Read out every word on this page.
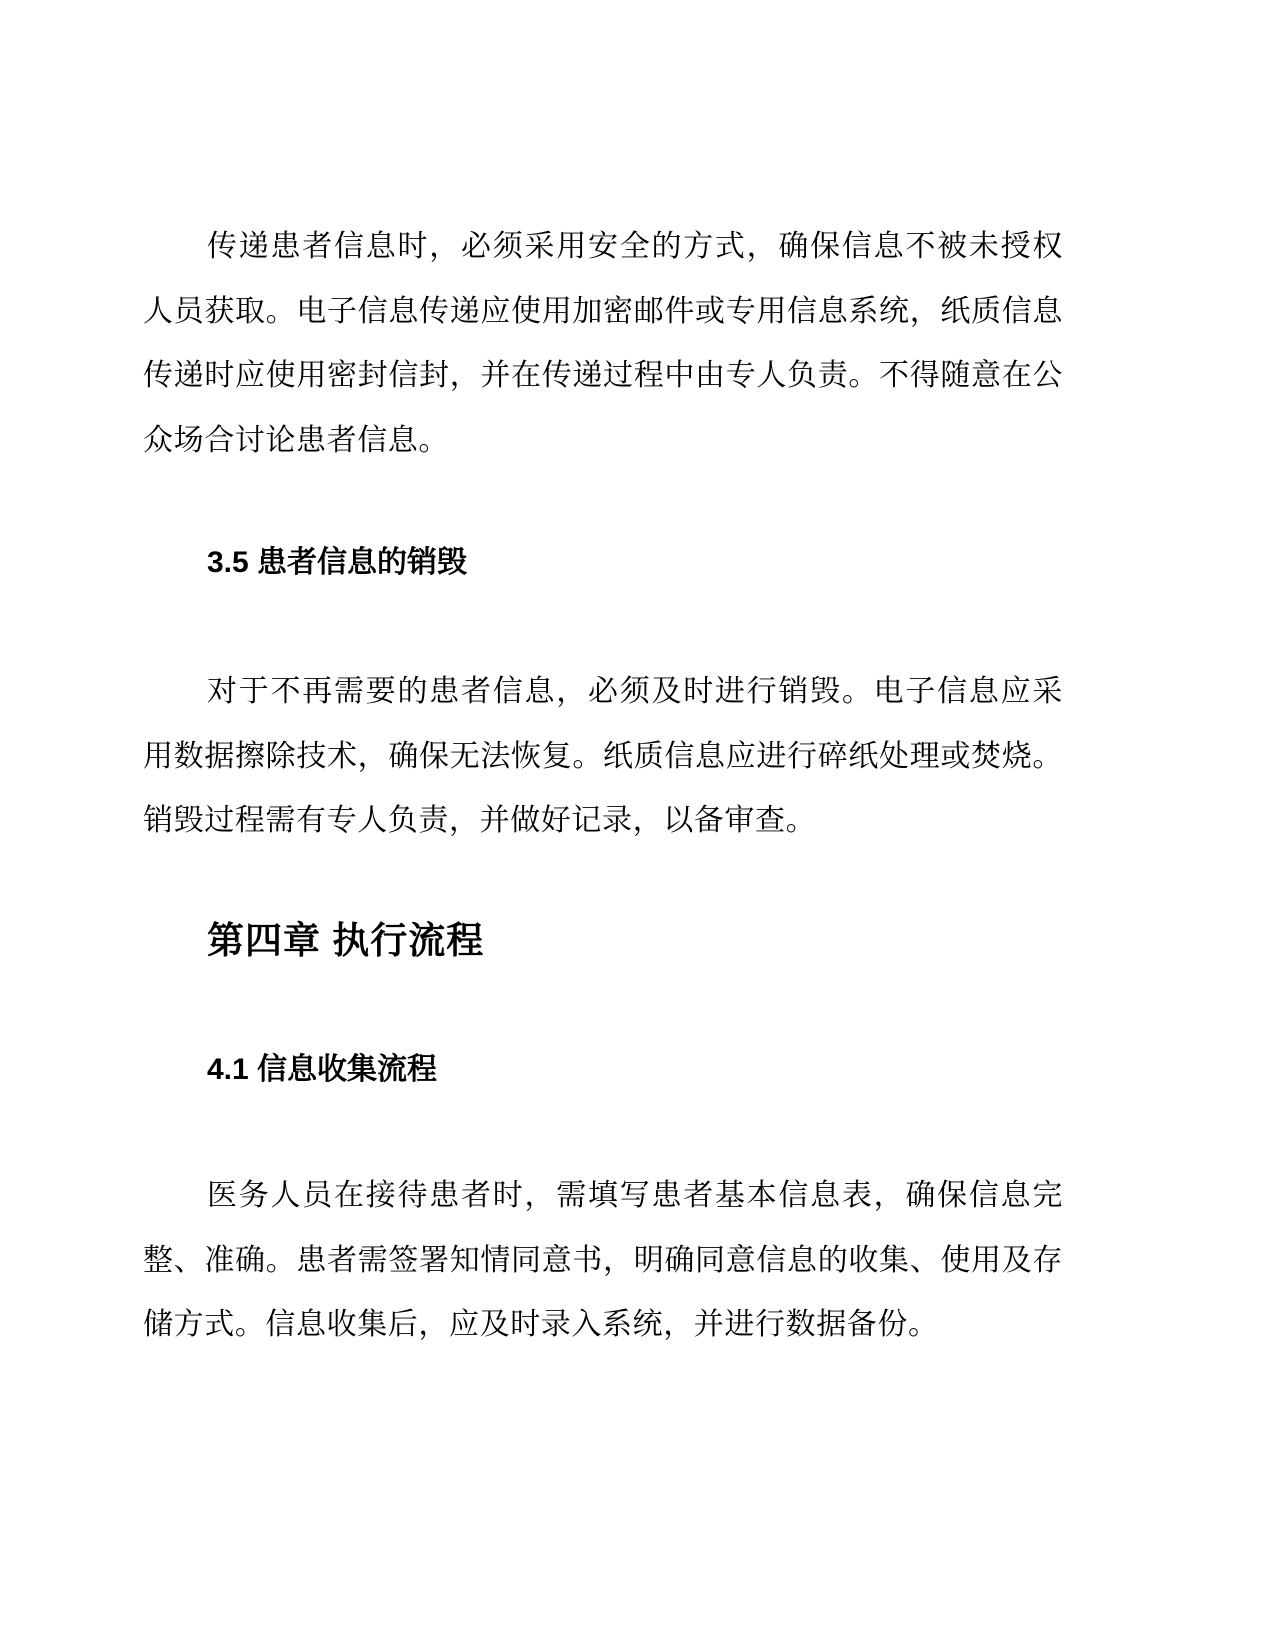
传递患者信息时，必须采用安全的方式，确保信息不被未授权人员获取。电子信息传递应使用加密邮件或专用信息系统，纸质信息传递时应使用密封信封，并在传递过程中由专人负责。不得随意在公众场合讨论患者信息。

3.5 患者信息的销毁

对于不再需要的患者信息，必须及时进行销毁。电子信息应采用数据擦除技术，确保无法恢复。纸质信息应进行碎纸处理或焚烧。销毁过程需有专人负责，并做好记录，以备审查。

第四章 执行流程
4.1 信息收集流程

医务人员在接待患者时，需填写患者基本信息表，确保信息完整、准确。患者需签署知情同意书，明确同意信息的收集、使用及存储方式。信息收集后，应及时录入系统，并进行数据备份。
